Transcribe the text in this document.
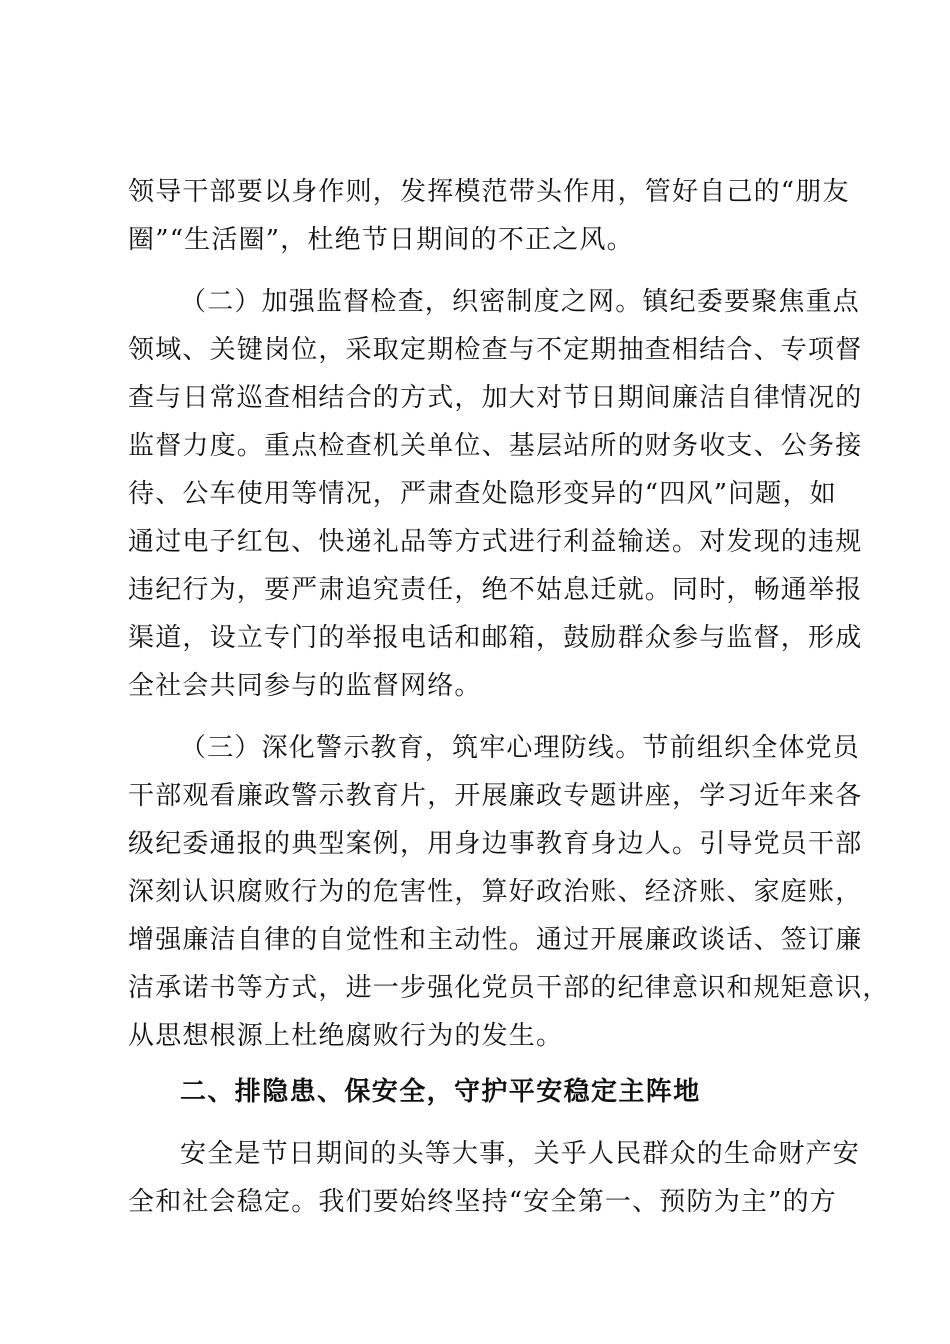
领导干部要以身作则，发挥模范带头作用，管好自己的“朋友
圈”“生活圈”，杜绝节日期间的不正之风。
（二）加强监督检查，织密制度之网。镇纪委要聚焦重点
领域、关键岗位，采取定期检查与不定期抽查相结合、专项督
查与日常巡查相结合的方式，加大对节日期间廉洁自律情况的
监督力度。重点检查机关单位、基层站所的财务收支、公务接
待、公车使用等情况，严肃查处隐形变异的“四风”问题，如
通过电子红包、快递礼品等方式进行利益输送。对发现的违规
违纪行为，要严肃追究责任，绝不姑息迁就。同时，畅通举报
渠道，设立专门的举报电话和邮箱，鼓励群众参与监督，形成
全社会共同参与的监督网络。
（三）深化警示教育，筑牢心理防线。节前组织全体党员
干部观看廉政警示教育片，开展廉政专题讲座，学习近年来各
级纪委通报的典型案例，用身边事教育身边人。引导党员干部
深刻认识腐败行为的危害性，算好政治账、经济账、家庭账，
增强廉洁自律的自觉性和主动性。通过开展廉政谈话、签订廉
洁承诺书等方式，进一步强化党员干部的纪律意识和规矩意识，
从思想根源上杜绝腐败行为的发生。
二、排隐患、保安全，守护平安稳定主阵地
安全是节日期间的头等大事，关乎人民群众的生命财产安
全和社会稳定。我们要始终坚持“安全第一、预防为主”的方
